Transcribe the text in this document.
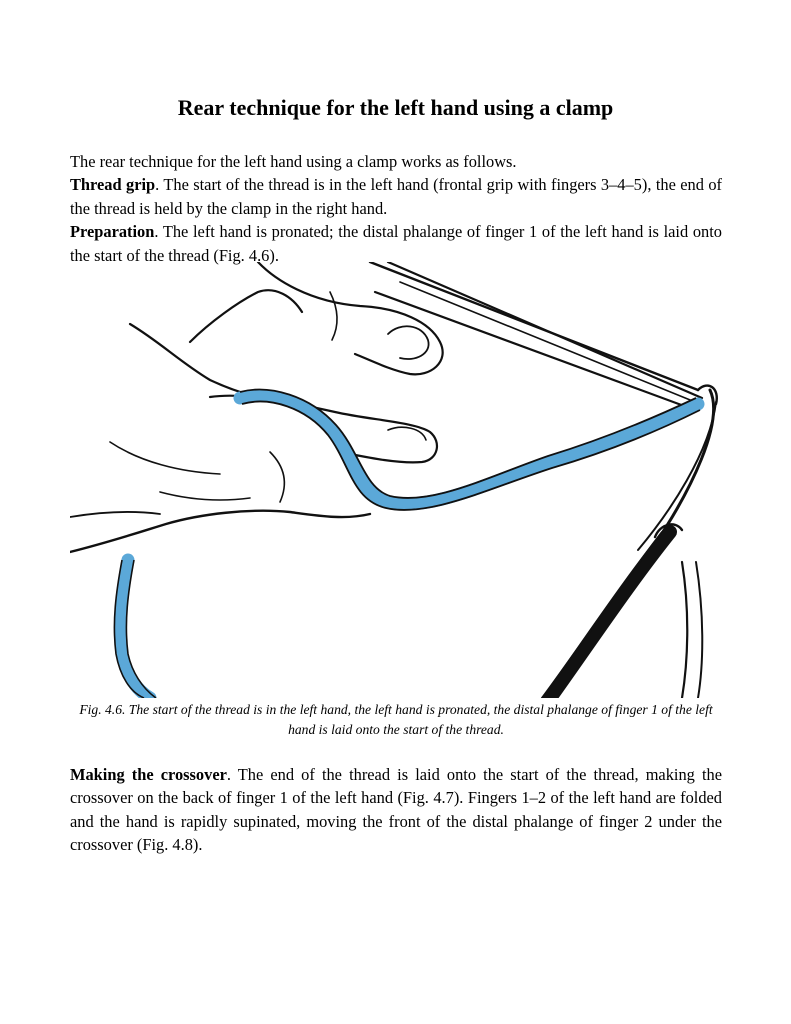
Rear technique for the left hand using a clamp

The rear technique for the left hand using a clamp works as follows.

Thread grip. The start of the thread is in the left hand (frontal grip with fingers 3–4–5), the end of the thread is held by the clamp in the right hand.

Preparation. The left hand is pronated; the distal phalange of finger 1 of the left hand is laid onto the start of the thread (Fig. 4.6).

Fig. 4.6. The start of the thread is in the left hand, the left hand is pronated, the distal phalange of finger 1 of the left hand is laid onto the start of the thread.

Making the crossover. The end of the thread is laid onto the start of the thread, making the crossover on the back of finger 1 of the left hand (Fig. 4.7). Fingers 1–2 of the left hand are folded and the hand is rapidly supinated, moving the front of the distal phalange of finger 2 under the crossover (Fig. 4.8).
